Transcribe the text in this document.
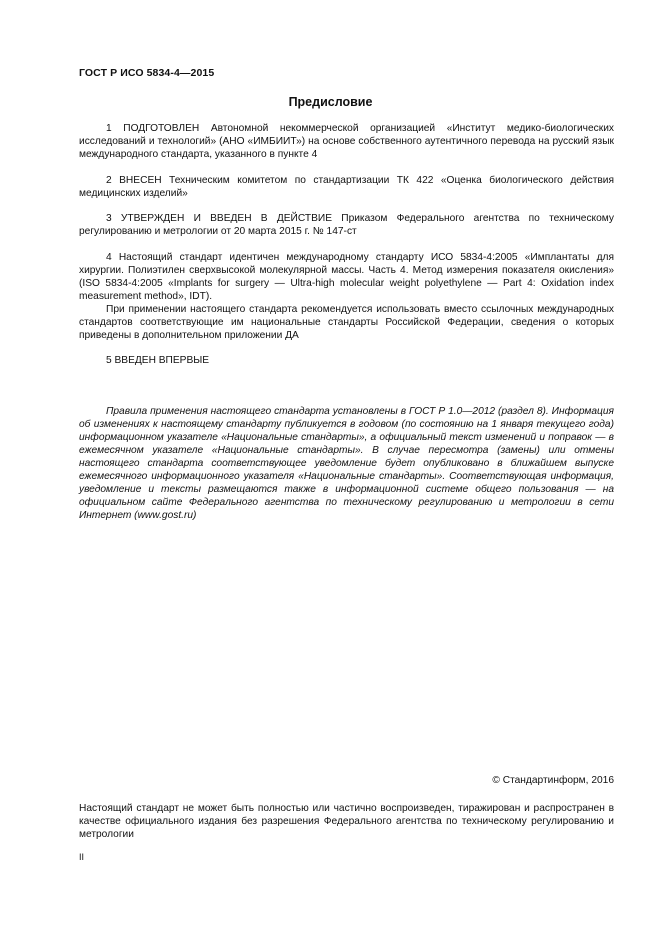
ГОСТ Р ИСО 5834-4—2015
Предисловие
1 ПОДГОТОВЛЕН Автономной некоммерческой организацией «Институт медико-биологических исследований и технологий» (АНО «ИМБИИТ») на основе собственного аутентичного перевода на русский язык международного стандарта, указанного в пункте 4
2 ВНЕСЕН Техническим комитетом по стандартизации ТК 422 «Оценка биологического действия медицинских изделий»
3 УТВЕРЖДЕН И ВВЕДЕН В ДЕЙСТВИЕ Приказом Федерального агентства по техническому регулированию и метрологии от 20 марта 2015 г. № 147-ст
4 Настоящий стандарт идентичен международному стандарту ИСО 5834-4:2005 «Имплантаты для хирургии. Полиэтилен сверхвысокой молекулярной массы. Часть 4. Метод измерения показателя окисления» (ISO 5834-4:2005 «Implants for surgery — Ultra-high molecular weight polyethylene — Part 4: Oxidation index measurement method», IDT).
При применении настоящего стандарта рекомендуется использовать вместо ссылочных международных стандартов соответствующие им национальные стандарты Российской Федерации, сведения о которых приведены в дополнительном приложении ДА
5 ВВЕДЕН ВПЕРВЫЕ
Правила применения настоящего стандарта установлены в ГОСТ Р 1.0—2012 (раздел 8). Информация об изменениях к настоящему стандарту публикуется в годовом (по состоянию на 1 января текущего года) информационном указателе «Национальные стандарты», а официальный текст изменений и поправок — в ежемесячном указателе «Национальные стандарты». В случае пересмотра (замены) или отмены настоящего стандарта соответствующее уведомление будет опубликовано в ближайшем выпуске ежемесячного информационного указателя «Национальные стандарты». Соответствующая информация, уведомление и тексты размещаются также в информационной системе общего пользования — на официальном сайте Федерального агентства по техническому регулированию и метрологии в сети Интернет (www.gost.ru)
© Стандартинформ, 2016
Настоящий стандарт не может быть полностью или частично воспроизведен, тиражирован и распространен в качестве официального издания без разрешения Федерального агентства по техническому регулированию и метрологии
II
